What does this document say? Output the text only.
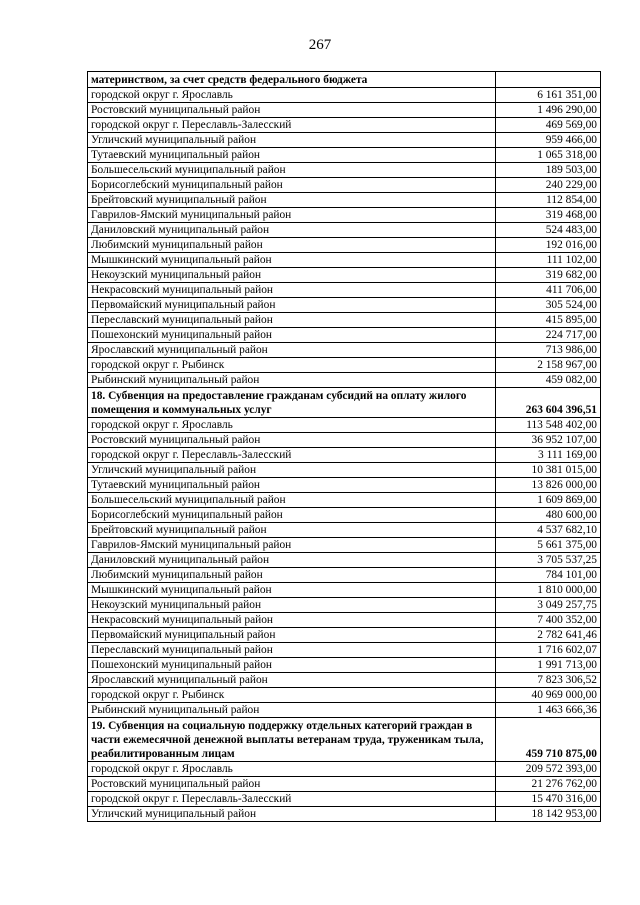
267
материнством, за счет средств федерального бюджета	
городской округ г. Ярославль	6 161 351,00
Ростовский муниципальный район	1 496 290,00
городской округ г. Переславль-Залесский	469 569,00
Угличский муниципальный район	959 466,00
Тутаевский муниципальный район	1 065 318,00
Большесельский муниципальный район	189 503,00
Борисоглебский муниципальный район	240 229,00
Брейтовский муниципальный район	112 854,00
Гаврилов-Ямский муниципальный район	319 468,00
Даниловский муниципальный район	524 483,00
Любимский муниципальный район	192 016,00
Мышкинский муниципальный район	111 102,00
Некоузский муниципальный район	319 682,00
Некрасовский муниципальный район	411 706,00
Первомайский муниципальный район	305 524,00
Переславский муниципальный район	415 895,00
Пошехонский муниципальный район	224 717,00
Ярославский муниципальный район	713 986,00
городской округ г. Рыбинск	2 158 967,00
Рыбинский муниципальный район	459 082,00
18. Субвенция на предоставление гражданам субсидий на оплату жилого помещения и коммунальных услуг	263 604 396,51
городской округ г. Ярославль	113 548 402,00
Ростовский муниципальный район	36 952 107,00
городской округ г. Переславль-Залесский	3 111 169,00
Угличский муниципальный район	10 381 015,00
Тутаевский муниципальный район	13 826 000,00
Большесельский муниципальный район	1 609 869,00
Борисоглебский муниципальный район	480 600,00
Брейтовский муниципальный район	4 537 682,10
Гаврилов-Ямский муниципальный район	5 661 375,00
Даниловский муниципальный район	3 705 537,25
Любимский муниципальный район	784 101,00
Мышкинский муниципальный район	1 810 000,00
Некоузский муниципальный район	3 049 257,75
Некрасовский муниципальный район	7 400 352,00
Первомайский муниципальный район	2 782 641,46
Переславский муниципальный район	1 716 602,07
Пошехонский муниципальный район	1 991 713,00
Ярославский муниципальный район	7 823 306,52
городской округ г. Рыбинск	40 969 000,00
Рыбинский муниципальный район	1 463 666,36
19. Субвенция на социальную поддержку отдельных категорий граждан в части ежемесячной денежной выплаты ветеранам труда, труженикам тыла, реабилитированным лицам	459 710 875,00
городской округ г. Ярославль	209 572 393,00
Ростовский муниципальный район	21 276 762,00
городской округ г. Переславль-Залесский	15 470 316,00
Угличский муниципальный район	18 142 953,00
